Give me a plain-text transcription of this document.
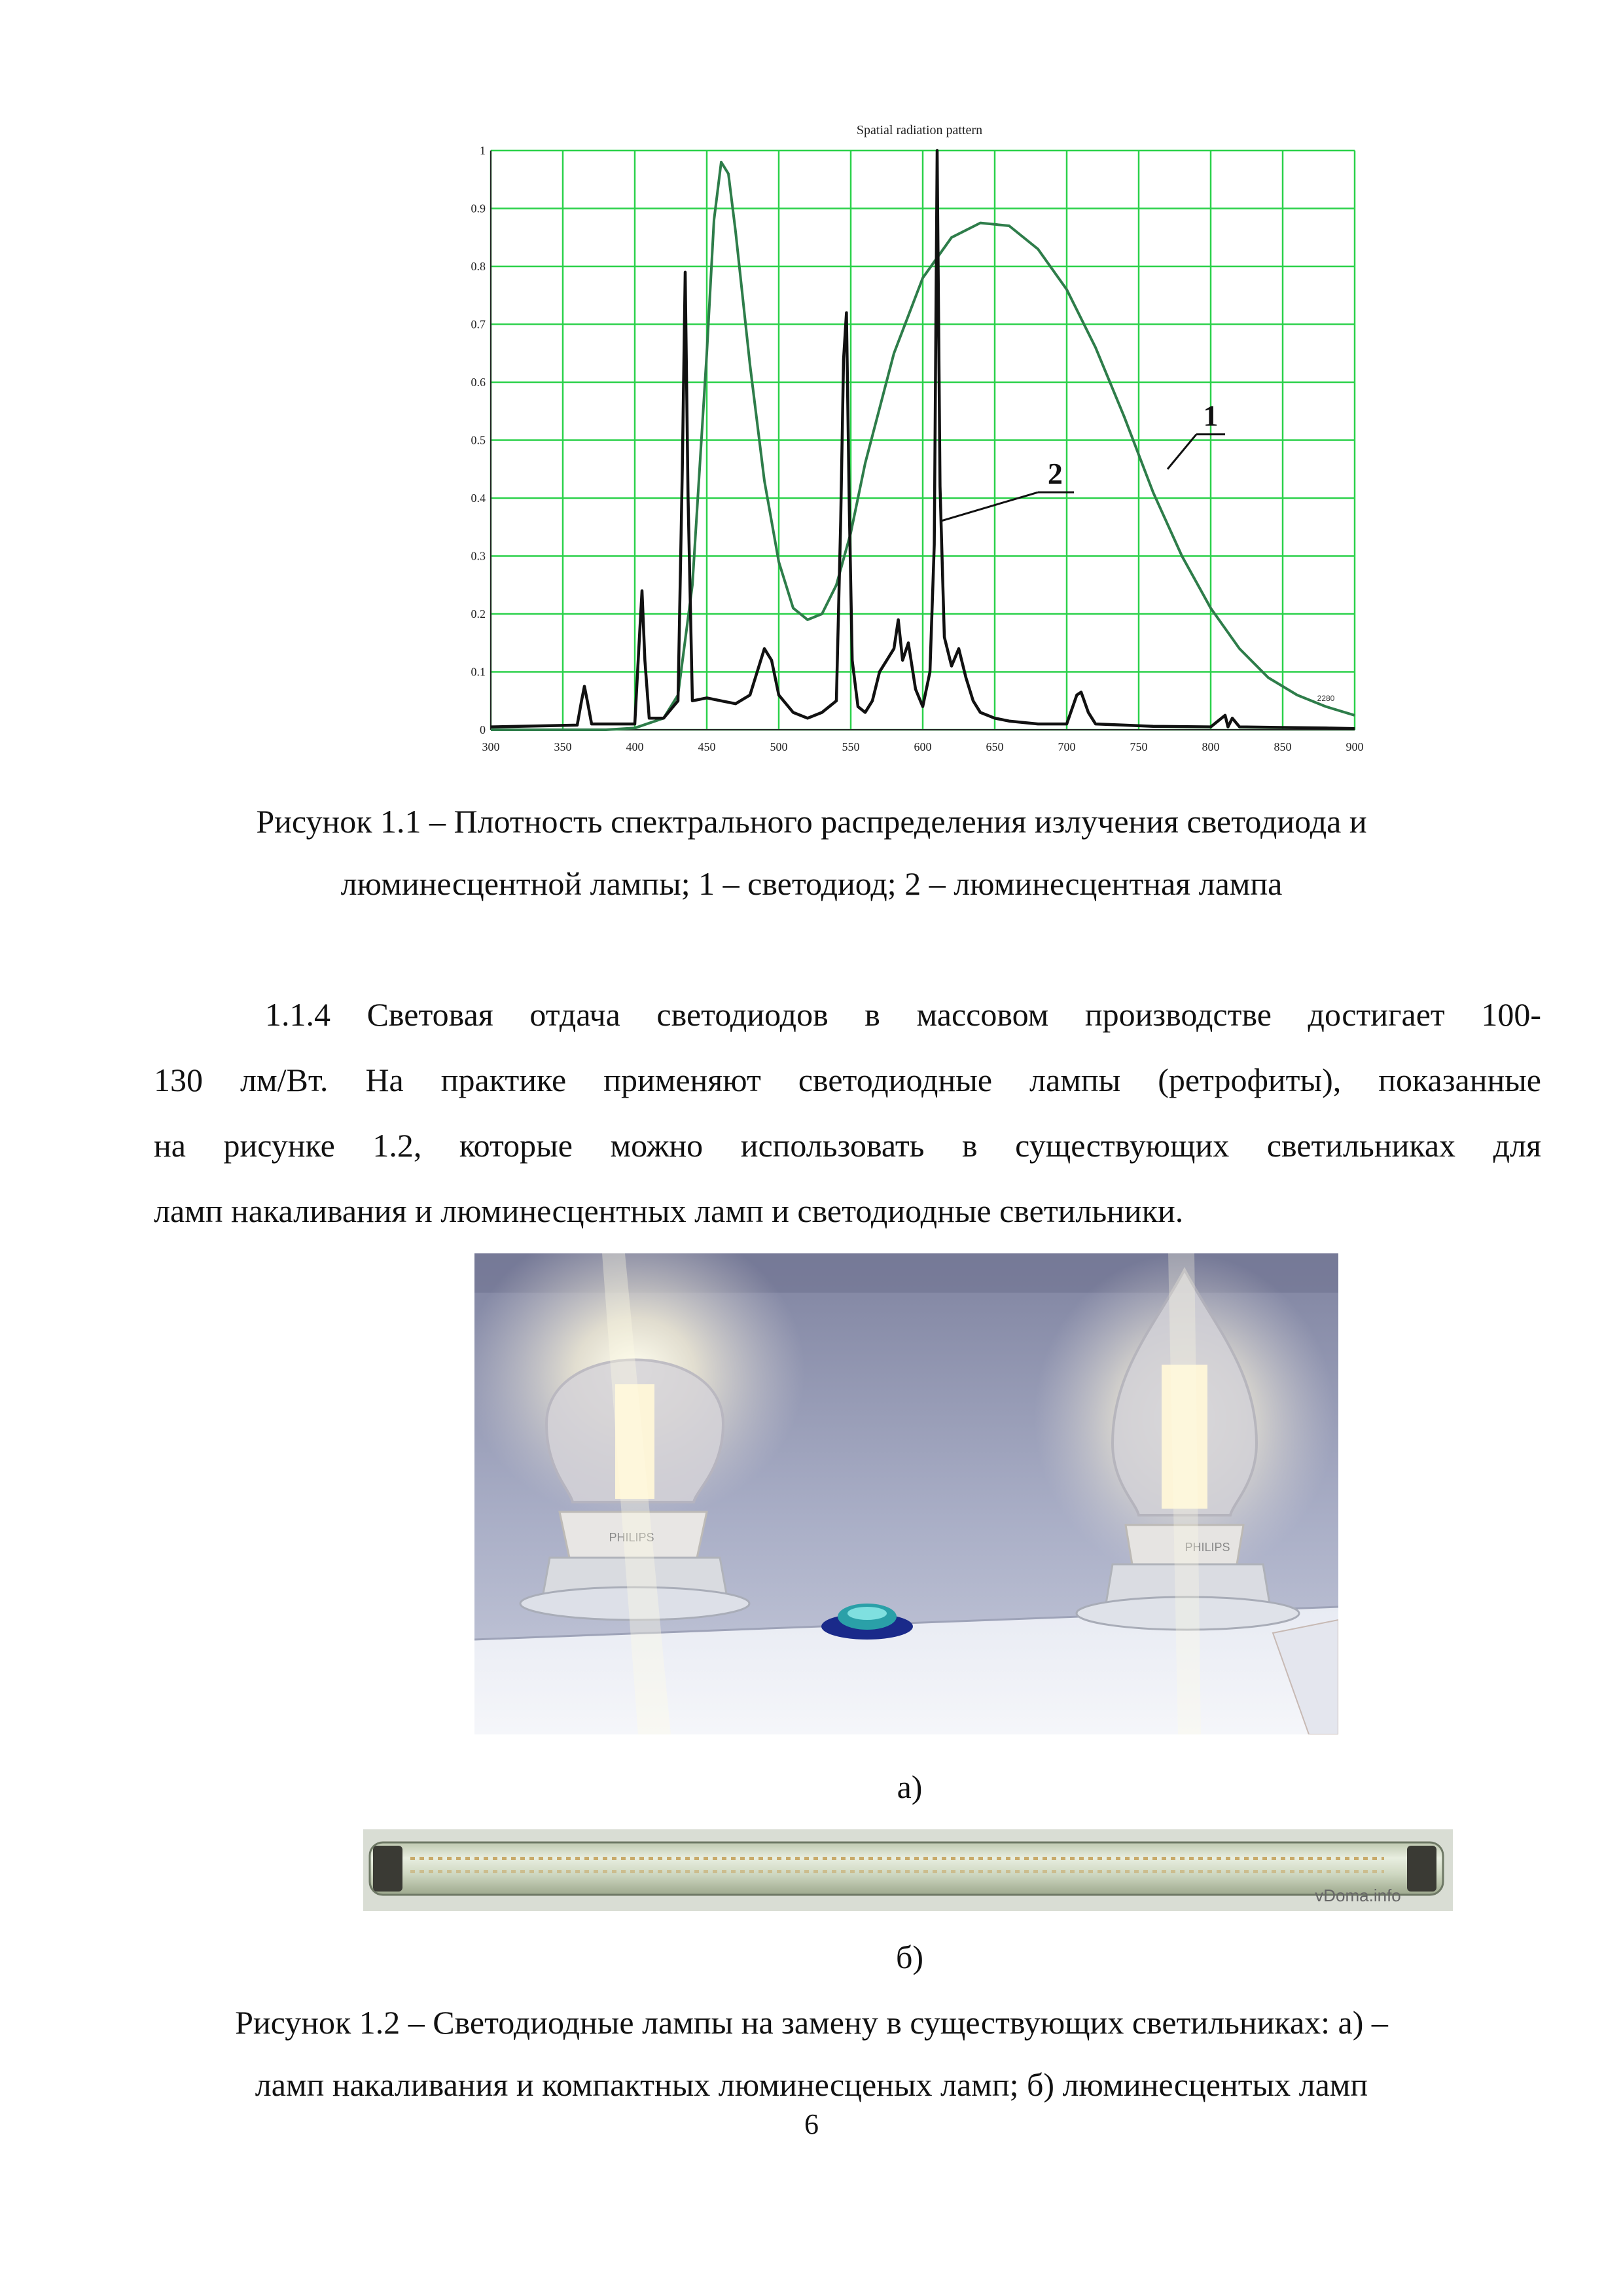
300	350	400	450	500	550	600	650	700	750	800	850	900
0
0.1
0.2
0.3
0.4
0.5
0.6
0.7
0.8
0.9
1
1
2
2280
Spatial radiation pattern
Рисунок 1.1 – Плотность спектрального распределения излучения светодиода и
люминесцентной лампы; 1 – светодиод; 2 – люминесцентная лампа
1.1.4 Световая отдача светодиодов в массовом производстве достигает 100-
130 лм/Вт. На практике применяют светодиодные лампы (ретрофиты), показанные
на рисунке 1.2, которые можно использовать в существующих светильниках для
ламп накаливания и люминесцентных ламп и светодиодные светильники.
PHILIPS
PHILIPS
а)
vDoma.info
б)
Рисунок 1.2 – Светодиодные лампы на замену в существующих светильниках: а) –
ламп накаливания и компактных люминесценых ламп; б) люминесцентых ламп
6
